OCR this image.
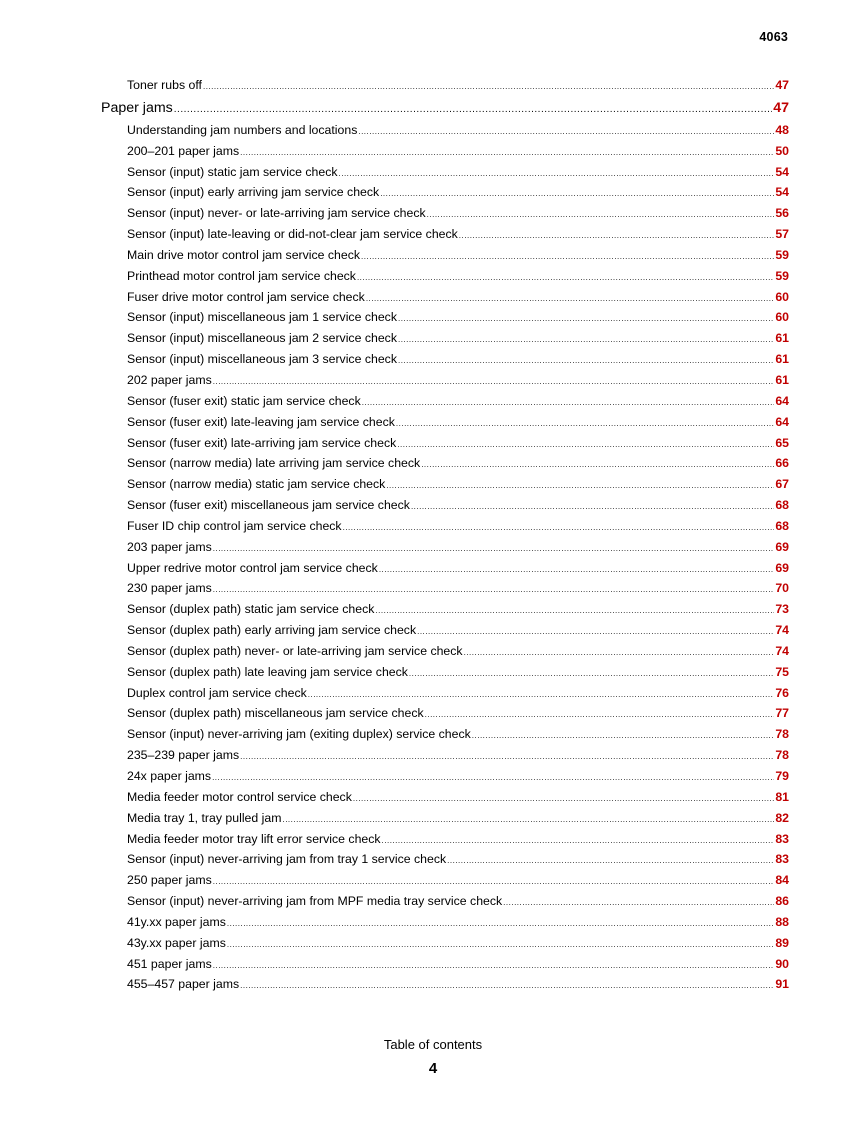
4063
Toner rubs off .....	47
Paper jams .....	47
Understanding jam numbers and locations .....	48
200–201 paper jams .....	50
Sensor (input) static jam service check .....	54
Sensor (input) early arriving jam service check .....	54
Sensor (input) never- or late-arriving jam service check .....	56
Sensor (input) late-leaving or did-not-clear jam service check .....	57
Main drive motor control jam service check .....	59
Printhead motor control jam service check .....	59
Fuser drive motor control jam service check .....	60
Sensor (input) miscellaneous jam 1 service check .....	60
Sensor (input) miscellaneous jam 2 service check .....	61
Sensor (input) miscellaneous jam 3 service check .....	61
202 paper jams .....	61
Sensor (fuser exit) static jam service check .....	64
Sensor (fuser exit) late-leaving jam service check .....	64
Sensor (fuser exit) late-arriving jam service check .....	65
Sensor (narrow media) late arriving jam service check .....	66
Sensor (narrow media) static jam service check .....	67
Sensor (fuser exit) miscellaneous jam service check .....	68
Fuser ID chip control jam service check .....	68
203 paper jams .....	69
Upper redrive motor control jam service check .....	69
230 paper jams .....	70
Sensor (duplex path) static jam service check .....	73
Sensor (duplex path) early arriving jam service check .....	74
Sensor (duplex path) never- or late-arriving jam service check .....	74
Sensor (duplex path) late leaving jam service check .....	75
Duplex control jam service check .....	76
Sensor (duplex path) miscellaneous jam service check .....	77
Sensor (input) never-arriving jam (exiting duplex) service check .....	78
235–239 paper jams .....	78
24x paper jams .....	79
Media feeder motor control service check .....	81
Media tray 1, tray pulled jam .....	82
Media feeder motor tray lift error service check .....	83
Sensor (input) never-arriving jam from tray 1 service check .....	83
250 paper jams .....	84
Sensor (input) never-arriving jam from MPF media tray service check .....	86
41y.xx paper jams .....	88
43y.xx paper jams .....	89
451 paper jams .....	90
455–457 paper jams .....	91
Table of contents
4
